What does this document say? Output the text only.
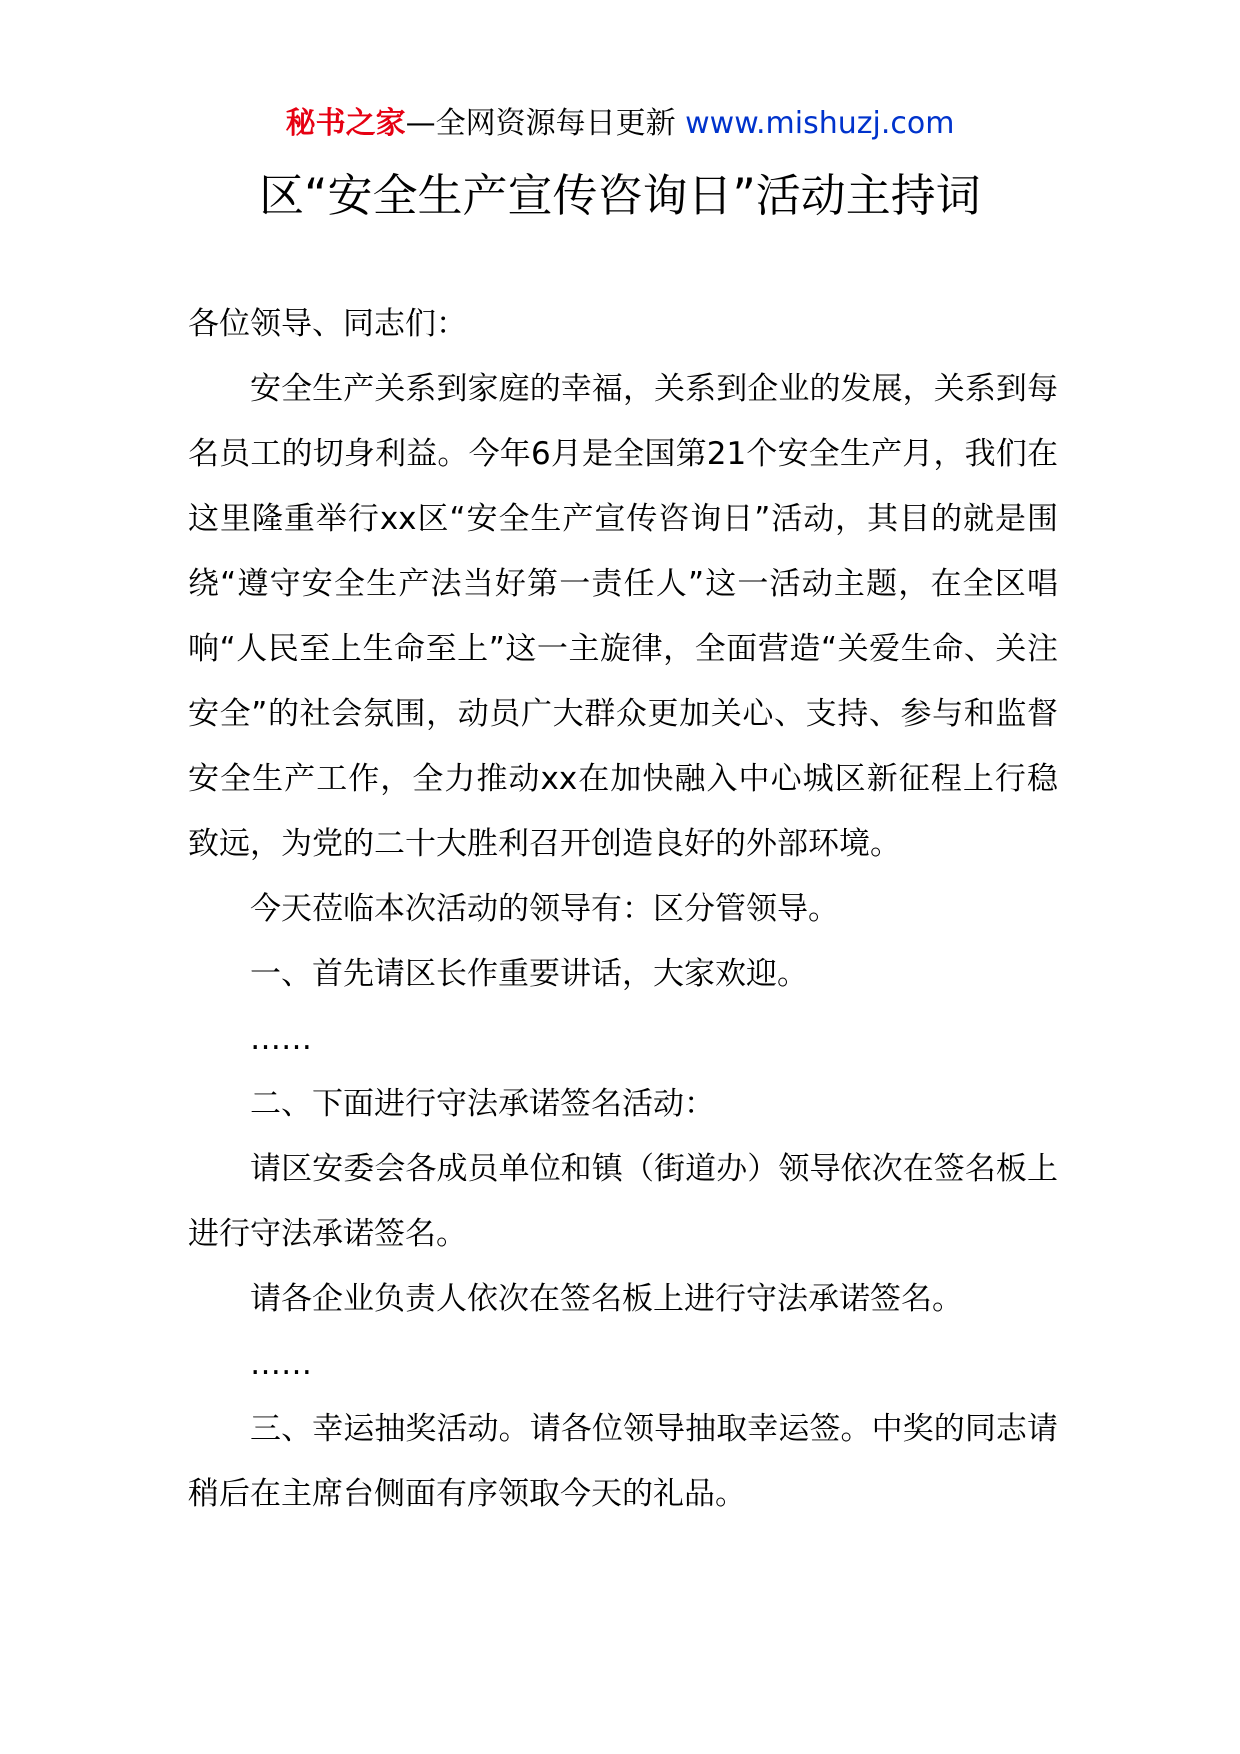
秘书之家—全网资源每日更新 www.mishuzj.com
区“安全生产宣传咨询日”活动主持词

各位领导、同志们：

安全生产关系到家庭的幸福，关系到企业的发展，关系到每名员工的切身利益。今年6月是全国第21个安全生产月，我们在这里隆重举行xx区“安全生产宣传咨询日”活动，其目的就是围绕“遵守安全生产法当好第一责任人”这一活动主题，在全区唱响“人民至上生命至上”这一主旋律，全面营造“关爱生命、关注安全”的社会氛围，动员广大群众更加关心、支持、参与和监督安全生产工作，全力推动xx在加快融入中心城区新征程上行稳致远，为党的二十大胜利召开创造良好的外部环境。

今天莅临本次活动的领导有：区分管领导。

一、首先请区长作重要讲话，大家欢迎。

……

二、下面进行守法承诺签名活动：

请区安委会各成员单位和镇（街道办）领导依次在签名板上进行守法承诺签名。

请各企业负责人依次在签名板上进行守法承诺签名。

……

三、幸运抽奖活动。请各位领导抽取幸运签。中奖的同志请稍后在主席台侧面有序领取今天的礼品。
